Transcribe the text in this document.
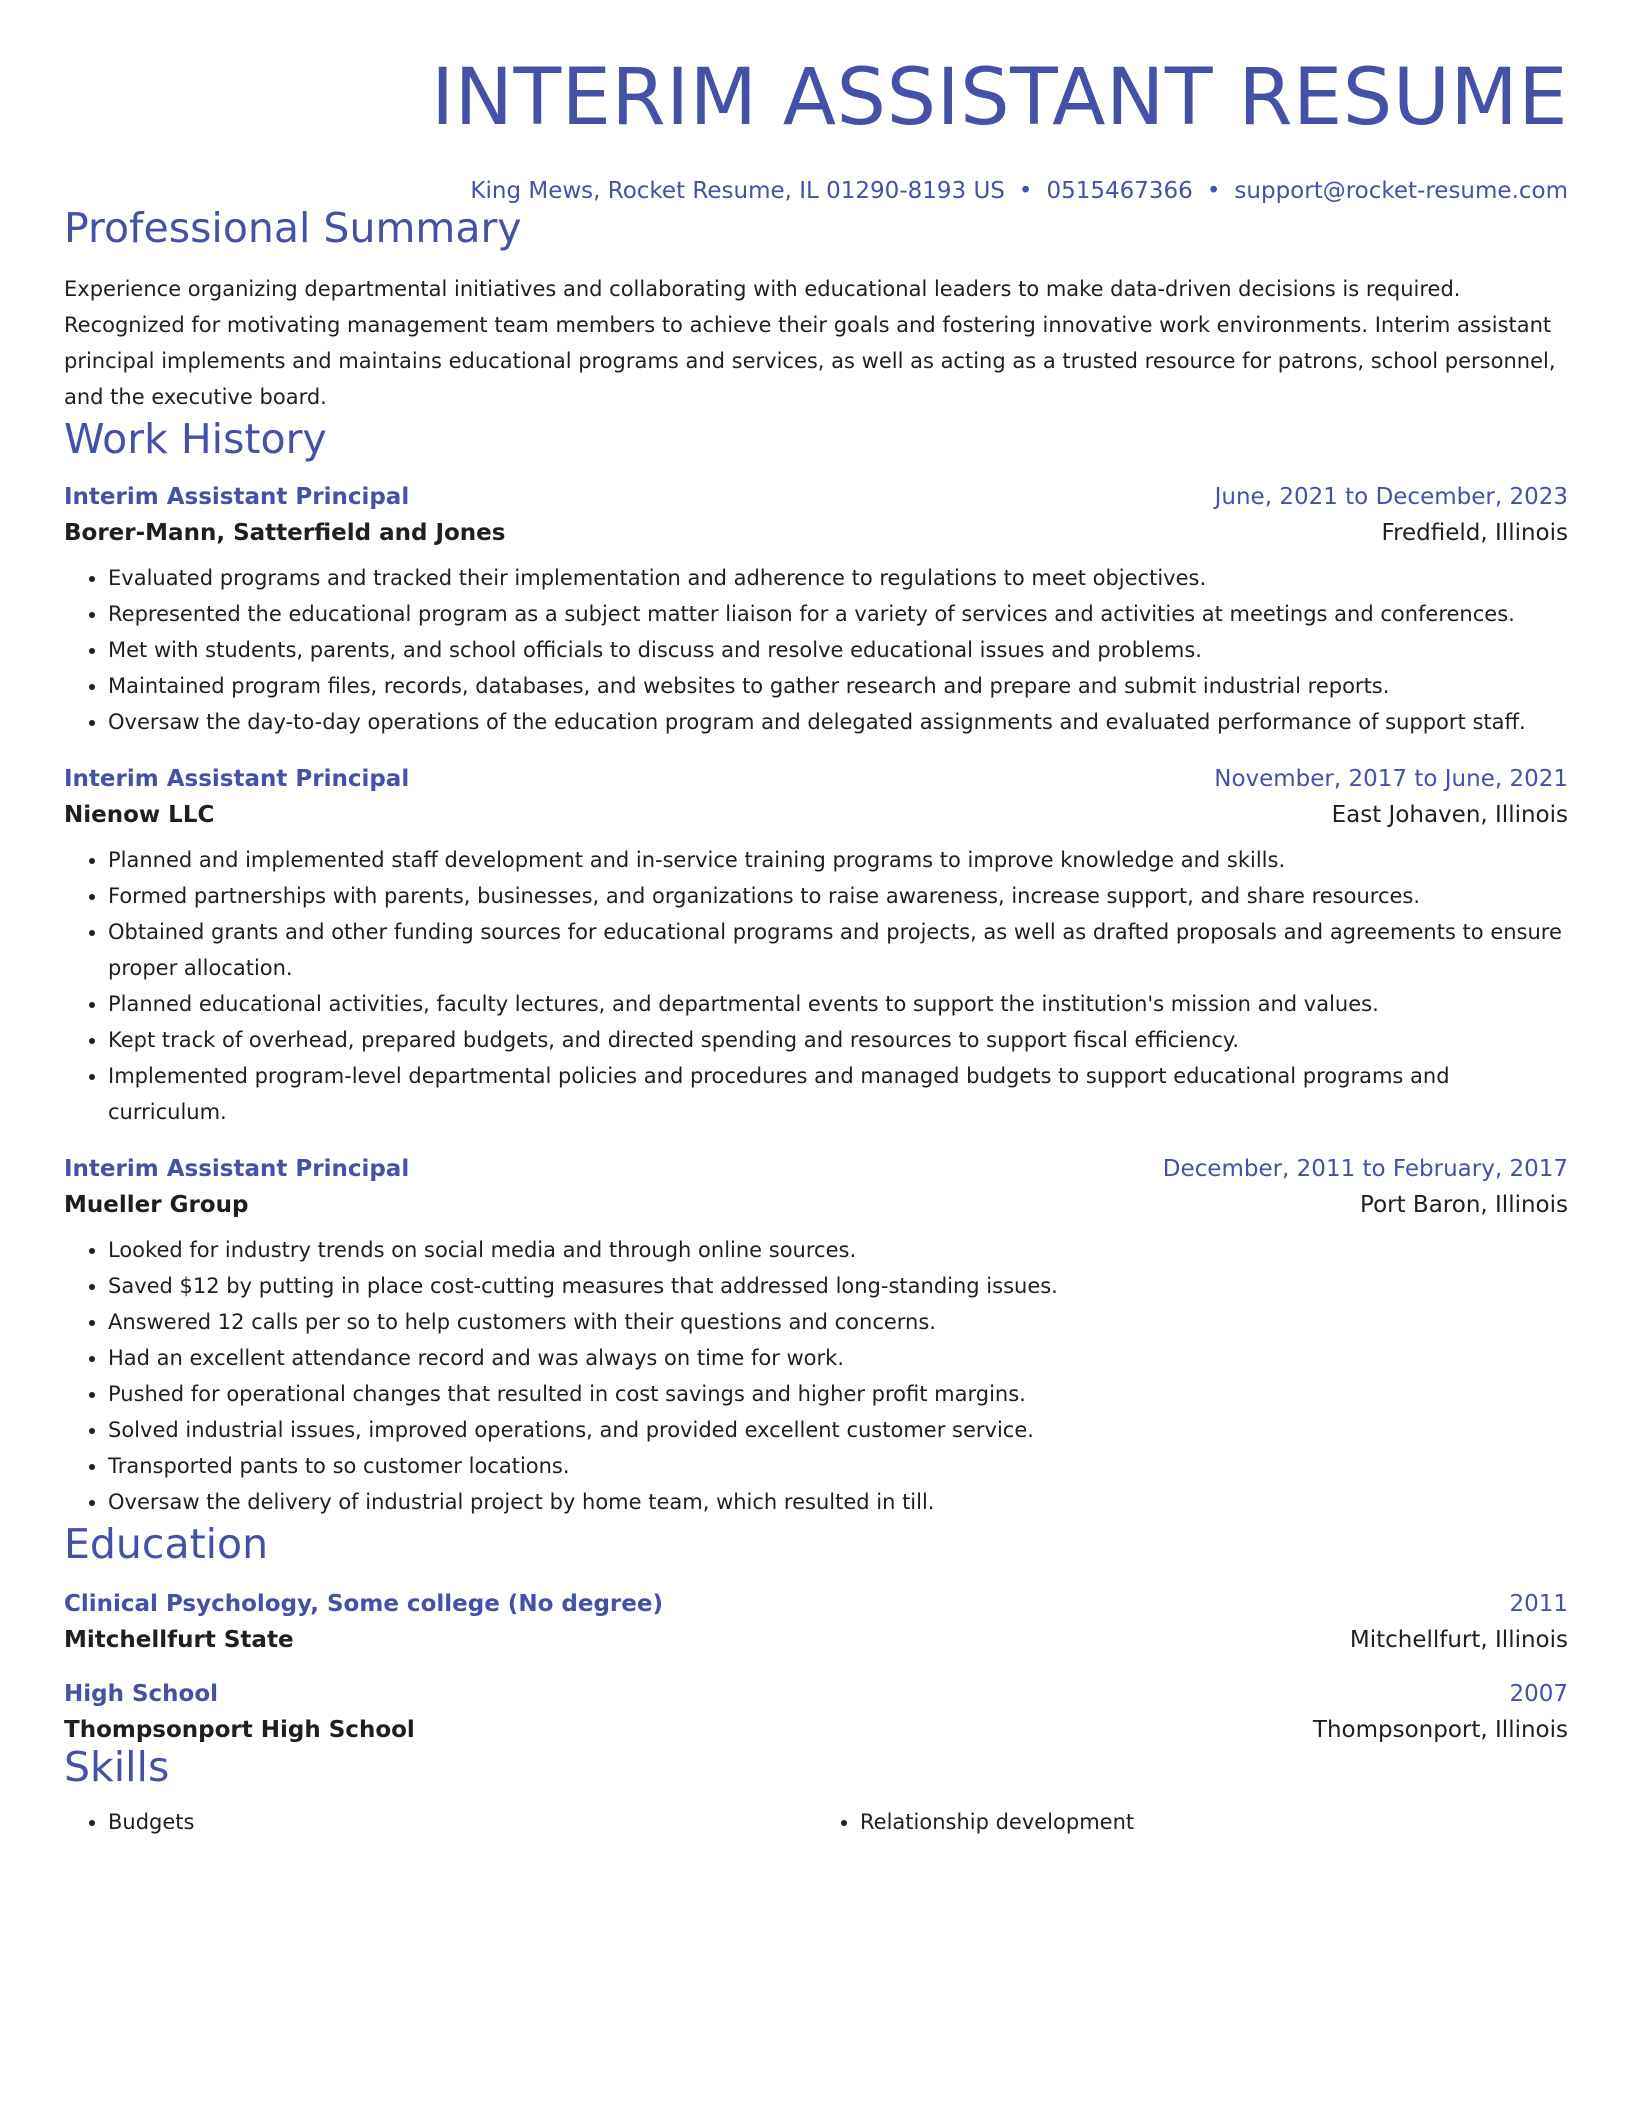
INTERIM ASSISTANT RESUME
King Mews, Rocket Resume, IL 01290-8193 US • 0515467366 • support@rocket-resume.com
Professional Summary
Experience organizing departmental initiatives and collaborating with educational leaders to make data-driven decisions is required. Recognized for motivating management team members to achieve their goals and fostering innovative work environments. Interim assistant principal implements and maintains educational programs and services, as well as acting as a trusted resource for patrons, school personnel, and the executive board.
Work History
Interim Assistant Principal	June, 2021 to December, 2023
Borer-Mann, Satterfield and Jones	Fredfield, Illinois
• Evaluated programs and tracked their implementation and adherence to regulations to meet objectives.
• Represented the educational program as a subject matter liaison for a variety of services and activities at meetings and conferences.
• Met with students, parents, and school officials to discuss and resolve educational issues and problems.
• Maintained program files, records, databases, and websites to gather research and prepare and submit industrial reports.
• Oversaw the day-to-day operations of the education program and delegated assignments and evaluated performance of support staff.
Interim Assistant Principal	November, 2017 to June, 2021
Nienow LLC	East Johaven, Illinois
• Planned and implemented staff development and in-service training programs to improve knowledge and skills.
• Formed partnerships with parents, businesses, and organizations to raise awareness, increase support, and share resources.
• Obtained grants and other funding sources for educational programs and projects, as well as drafted proposals and agreements to ensure proper allocation.
• Planned educational activities, faculty lectures, and departmental events to support the institution's mission and values.
• Kept track of overhead, prepared budgets, and directed spending and resources to support fiscal efficiency.
• Implemented program-level departmental policies and procedures and managed budgets to support educational programs and curriculum.
Interim Assistant Principal	December, 2011 to February, 2017
Mueller Group	Port Baron, Illinois
• Looked for industry trends on social media and through online sources.
• Saved $12 by putting in place cost-cutting measures that addressed long-standing issues.
• Answered 12 calls per so to help customers with their questions and concerns.
• Had an excellent attendance record and was always on time for work.
• Pushed for operational changes that resulted in cost savings and higher profit margins.
• Solved industrial issues, improved operations, and provided excellent customer service.
• Transported pants to so customer locations.
• Oversaw the delivery of industrial project by home team, which resulted in till.
Education
Clinical Psychology, Some college (No degree)	2011
Mitchellfurt State	Mitchellfurt, Illinois
High School	2007
Thompsonport High School	Thompsonport, Illinois
Skills
• Budgets
•	Relationship development
